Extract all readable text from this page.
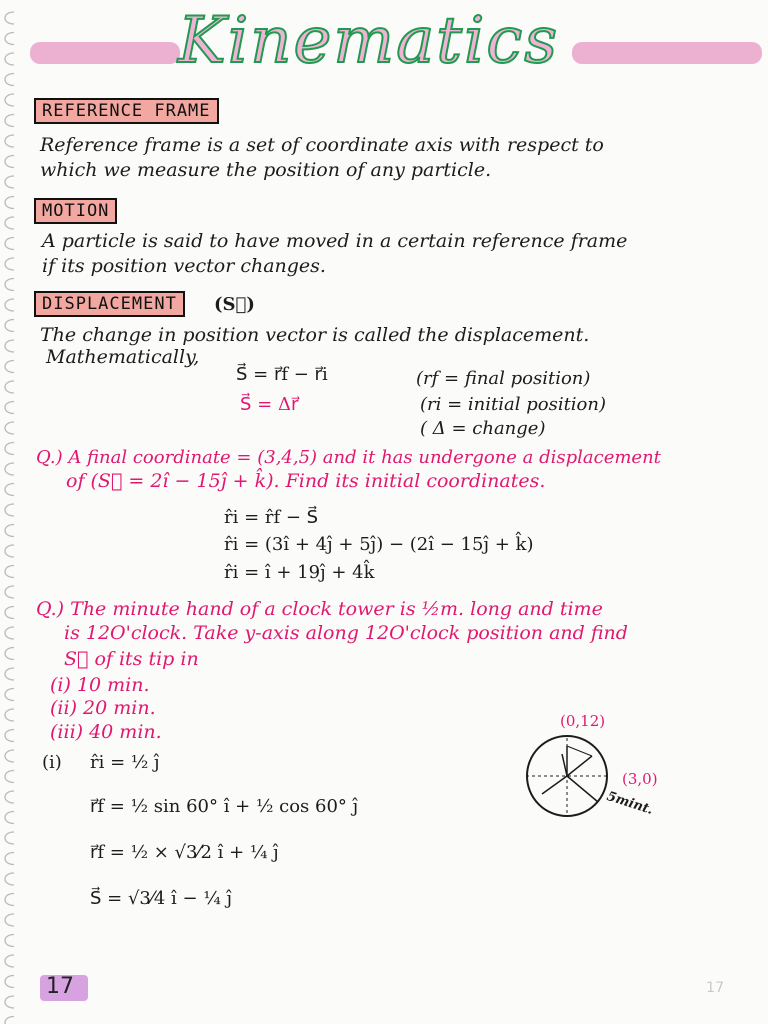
Kinematics
REFERENCE FRAME
Reference frame is a set of coordinate axis with respect to
which we measure the position of any particle.
MOTION
A particle is said to have moved in a certain reference frame
if its position vector changes.
DISPLACEMENT	(S⃗)
The change in position vector is called the displacement.
Mathematically,
S⃗ = r⃗f − r⃗i
S⃗ = Δr⃗
(rf = final position)
(ri = initial position)
( Δ = change)
Q.) A final coordinate = (3,4,5) and it has undergone a displacement
of (S⃗ = 2î − 15ĵ + k̂). Find its initial coordinates.
r̂i = r̂f − S⃗
r̂i = (3î + 4ĵ + 5ĵ) − (2î − 15ĵ + k̂)
r̂i = î + 19ĵ + 4k̂
Q.) The minute hand of a clock tower is ½m. long and time
is 12O'clock. Take y-axis along 12O'clock position and find
S⃗ of its tip in
(i) 10 min.
(ii) 20 min.
(iii) 40 min.
(i) r̂i = ½ ĵ
r⃗f = ½ sin 60° î + ½ cos 60° ĵ
r⃗f = ½ × √3⁄2 î + ¼ ĵ
S⃗ = √3⁄4 î − ¼ ĵ
(0,12)
(3,0)
5mint.
17	17
